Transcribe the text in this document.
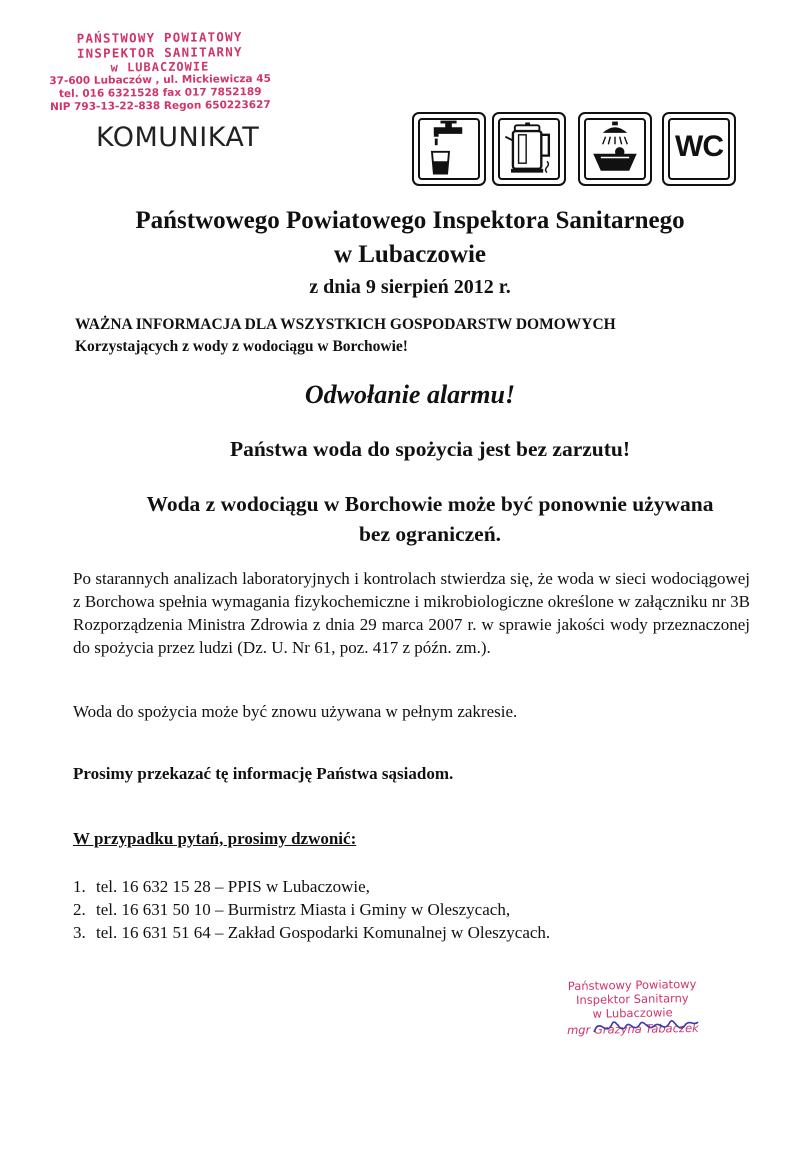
PAŃSTWOWY POWIATOWY
INSPEKTOR SANITARNY
w LUBACZOWIE
37-600 Lubaczów , ul. Mickiewicza 45
tel. 016 6321528 fax 017 7852189
NIP 793-13-22-838 Regon 650223627
KOMUNIKAT	WC
Państwowego Powiatowego Inspektora Sanitarnego
w Lubaczowie
z dnia 9 sierpień 2012 r.
WAŻNA INFORMACJA DLA WSZYSTKICH GOSPODARSTW DOMOWYCH
Korzystających z wody z wodociągu w Borchowie!
Odwołanie alarmu!
Państwa woda do spożycia jest bez zarzutu!
Woda z wodociągu w Borchowie może być ponownie używana
bez ograniczeń.
Po starannych analizach laboratoryjnych i kontrolach stwierdza się, że woda w sieci wodociągowej z Borchowa spełnia wymagania fizykochemiczne i mikrobiologiczne określone w załączniku nr 3B Rozporządzenia Ministra Zdrowia z dnia 29 marca 2007 r. w sprawie jakości wody przeznaczonej do spożycia przez ludzi (Dz. U. Nr 61, poz. 417 z późn. zm.).
Woda do spożycia może być znowu używana w pełnym zakresie.
Prosimy przekazać tę informację Państwa sąsiadom.
W przypadku pytań, prosimy dzwonić:
1. tel. 16 632 15 28 – PPIS w Lubaczowie,
2. tel. 16 631 50 10 – Burmistrz Miasta i Gminy w Oleszycach,
3. tel. 16 631 51 64 – Zakład Gospodarki Komunalnej w Oleszycach.
Państwowy Powiatowy
Inspektor Sanitarny
w Lubaczowie
mgr Grażyna Tabaczek
